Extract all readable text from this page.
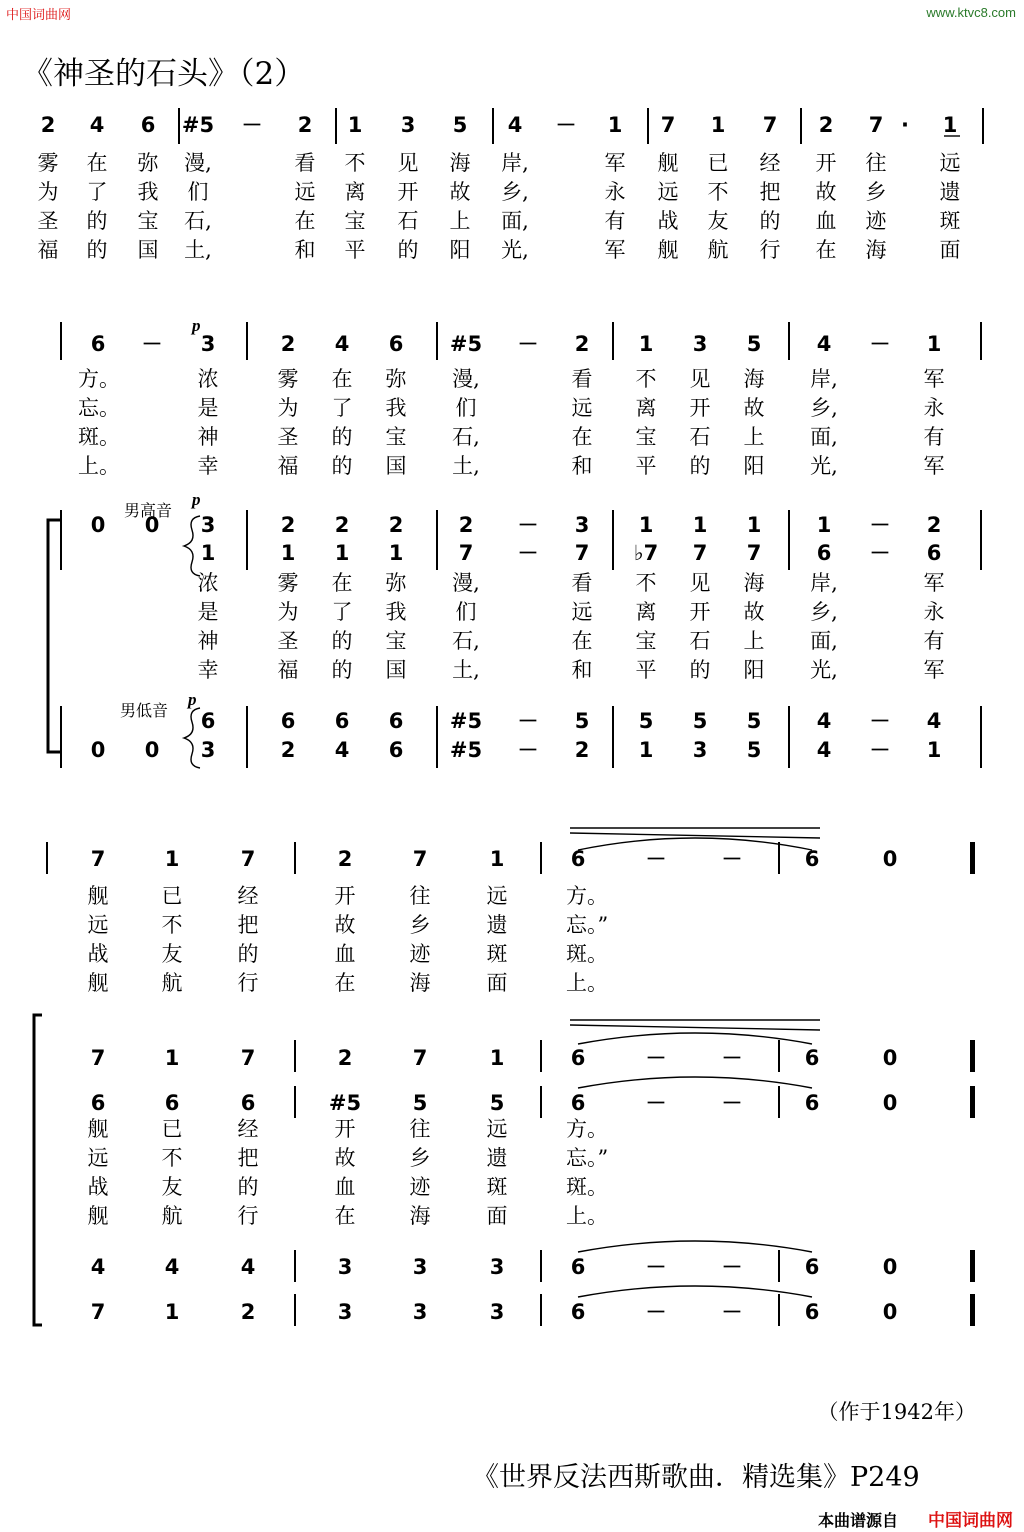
中国词曲网	www.ktvc8.com
《神圣的石头》（2）
2	4	6	#5	－	2	1	3	5	4	－	1	7	1	7	2	7 ·	1
雾	在	弥	漫,	看	不	见	海	岸,	军	舰	已	经	开	往	远
为	了	我	们	远	离	开	故	乡,	永	远	不	把	故	乡	遗
圣	的	宝	石,	在	宝	石	上	面,	有	战	友	的	血	迹	斑
福	的	国	土,	和	平	的	阳	光,	军	舰	航	行	在	海	面
6	－	3	2	4	6	#5	－	2	1	3	5	4	－	1
方。	浓	雾	在	弥	漫,	看	不	见	海	岸,	军
忘。	是	为	了	我	们	远	离	开	故	乡,	永
斑。	神	圣	的	宝	石,	在	宝	石	上	面,	有
上。	幸	福	的	国	土,	和	平	的	阳	光,	军
p
p
p
男高音
男低音
0	0	3	2	2	2	2	－	3	1	1	1	1	－	2
1	1	1	1	7	－	7	♭7	7	7	6	－	6
浓	雾	在	弥	漫,	看	不	见	海	岸,	军
是	为	了	我	们	远	离	开	故	乡,	永
神	圣	的	宝	石,	在	宝	石	上	面,	有
幸	福	的	国	土,	和	平	的	阳	光,	军
6	6	6	6	#5	－	5	5	5	5	4	－	4
0	0	3	2	4	6	#5	－	2	1	3	5	4	－	1
7	1	7	2	7	1	6	－	－	6	0
舰	已	经	开	往	远	方。
远	不	把	故	乡	遗	忘。”
战	友	的	血	迹	斑	斑。
舰	航	行	在	海	面	上。
舰	已	经	开	往	远	方。
远	不	把	故	乡	遗	忘。”
战	友	的	血	迹	斑	斑。
舰	航	行	在	海	面	上。
7	1	7	2	7	1	6	－	－	6	0
6	6	6	#5	5	5	6	－	－	6	0
4	4	4	3	3	3	6	－	－	6	0
7	1	2	3	3	3	6	－	－	6	0
（作于1942年）
《世界反法西斯歌曲．精选集》P249
本曲谱源自 中国词曲网
